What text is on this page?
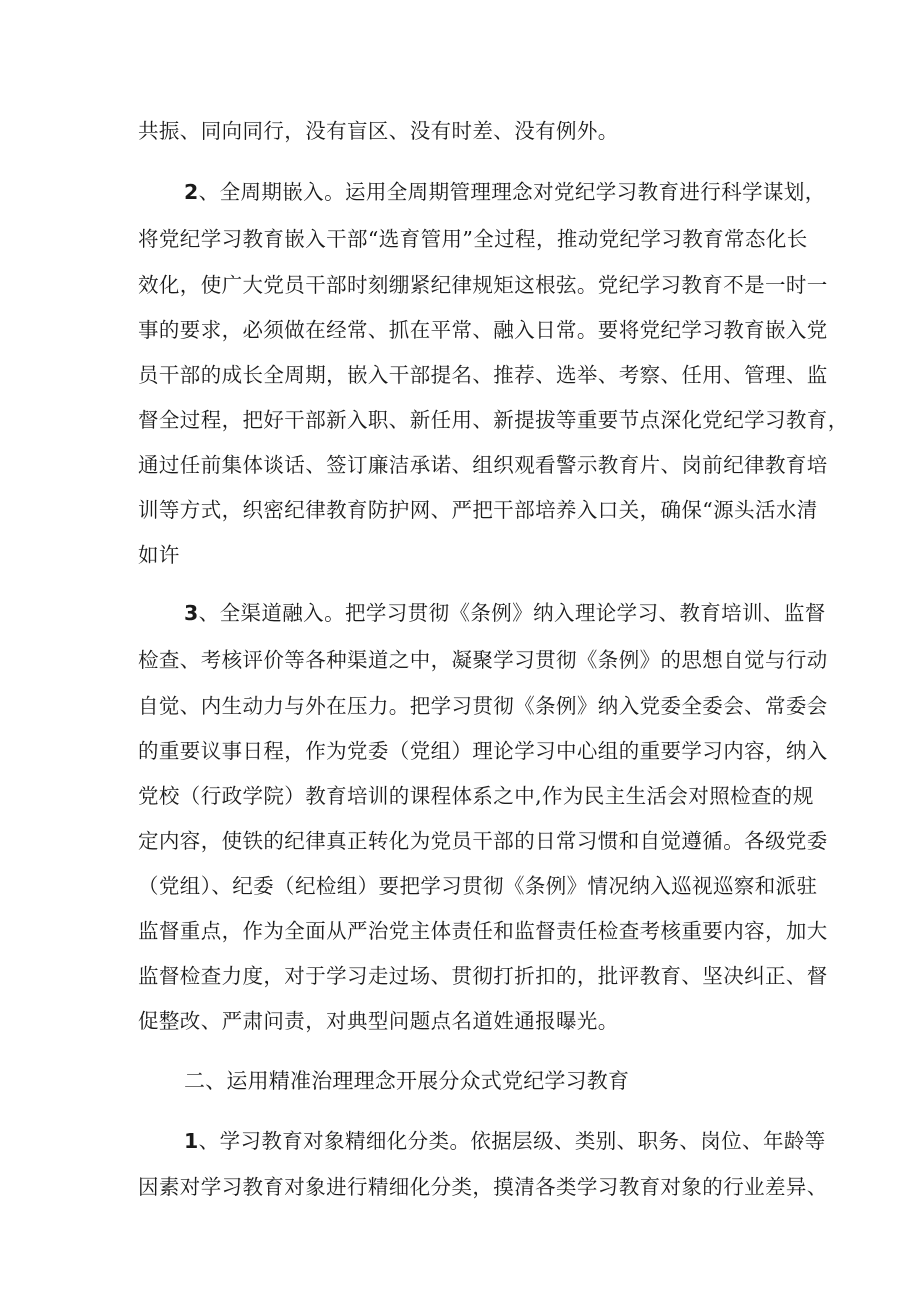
共振、同向同行，没有盲区、没有时差、没有例外。
2、全周期嵌入。运用全周期管理理念对党纪学习教育进行科学谋划，
将党纪学习教育嵌入干部“选育管用”全过程，推动党纪学习教育常态化长
效化，使广大党员干部时刻绷紧纪律规矩这根弦。党纪学习教育不是一时一
事的要求，必须做在经常、抓在平常、融入日常。要将党纪学习教育嵌入党
员干部的成长全周期，嵌入干部提名、推荐、选举、考察、任用、管理、监
督全过程，把好干部新入职、新任用、新提拔等重要节点深化党纪学习教育，
通过任前集体谈话、签订廉洁承诺、组织观看警示教育片、岗前纪律教育培
训等方式，织密纪律教育防护网、严把干部培养入口关，确保“源头活水清
如许
3、全渠道融入。把学习贯彻《条例》纳入理论学习、教育培训、监督
检查、考核评价等各种渠道之中，凝聚学习贯彻《条例》的思想自觉与行动
自觉、内生动力与外在压力。把学习贯彻《条例》纳入党委全委会、常委会
的重要议事日程，作为党委（党组）理论学习中心组的重要学习内容，纳入
党校（行政学院）教育培训的课程体系之中,作为民主生活会对照检查的规
定内容，使铁的纪律真正转化为党员干部的日常习惯和自觉遵循。各级党委
（党组）、纪委（纪检组）要把学习贯彻《条例》情况纳入巡视巡察和派驻
监督重点，作为全面从严治党主体责任和监督责任检查考核重要内容，加大
监督检查力度，对于学习走过场、贯彻打折扣的，批评教育、坚决纠正、督
促整改、严肃问责，对典型问题点名道姓通报曝光。
二、运用精准治理理念开展分众式党纪学习教育
1、学习教育对象精细化分类。依据层级、类别、职务、岗位、年龄等
因素对学习教育对象进行精细化分类，摸清各类学习教育对象的行业差异、
